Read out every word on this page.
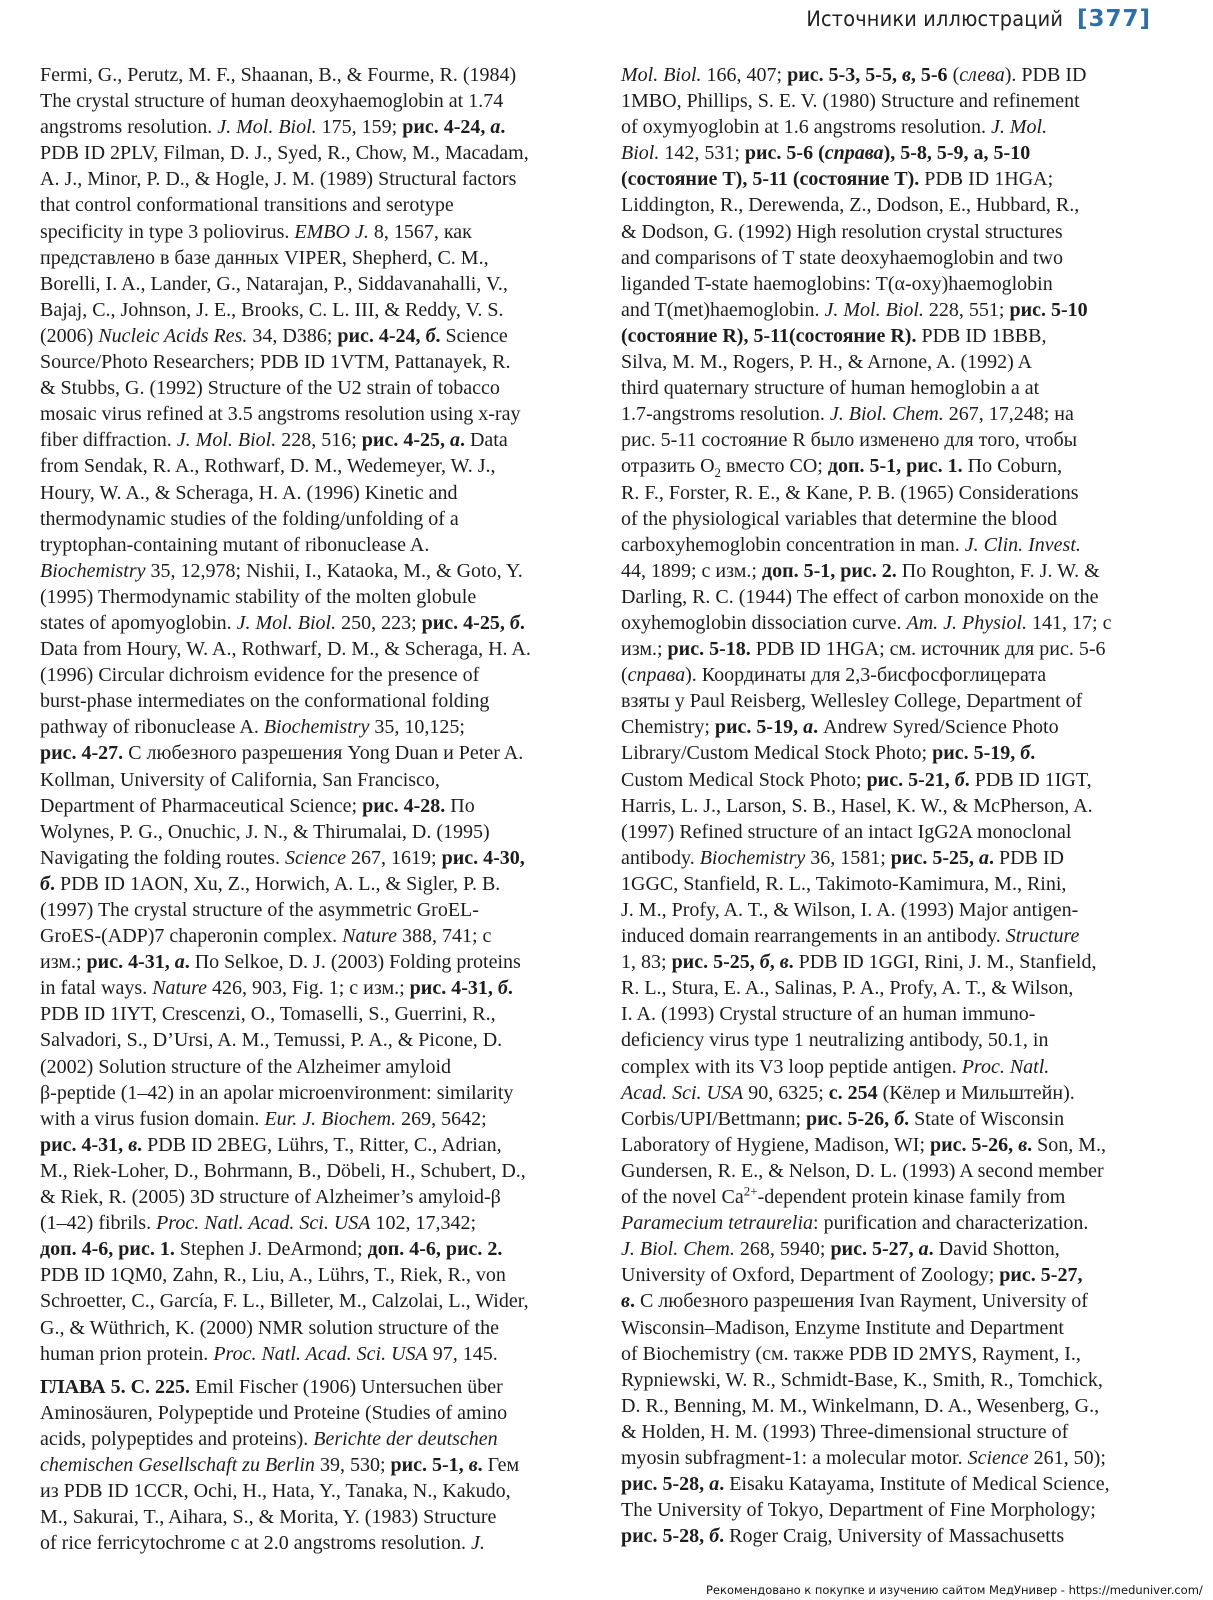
Источники иллюстраций [377]
Fermi, G., Perutz, M. F., Shaanan, B., & Fourme, R. (1984)
The crystal structure of human deoxyhaemoglobin at 1.74
angstroms resolution. J. Mol. Biol. 175, 159; рис. 4-24, а.
PDB ID 2PLV, Filman, D. J., Syed, R., Chow, M., Macadam,
A. J., Minor, P. D., & Hogle, J. M. (1989) Structural factors
that control conformational transitions and serotype
specificity in type 3 poliovirus. EMBO J. 8, 1567, как
представлено в базе данных VIPER, Shepherd, C. M.,
Borelli, I. A., Lander, G., Natarajan, P., Siddavanahalli, V.,
Bajaj, C., Johnson, J. E., Brooks, C. L. III, & Reddy, V. S.
(2006) Nucleic Acids Res. 34, D386; рис. 4-24, б. Science
Source/Photo Researchers; PDB ID 1VTM, Pattanayek, R.
& Stubbs, G. (1992) Structure of the U2 strain of tobacco
mosaic virus refined at 3.5 angstroms resolution using x-ray
fiber diffraction. J. Mol. Biol. 228, 516; рис. 4-25, а. Data
from Sendak, R. A., Rothwarf, D. M., Wedemeyer, W. J.,
Houry, W. A., & Scheraga, H. A. (1996) Kinetic and
thermodynamic studies of the folding/unfolding of a
tryptophan-containing mutant of ribonuclease A.
Biochemistry 35, 12,978; Nishii, I., Kataoka, M., & Goto, Y.
(1995) Thermodynamic stability of the molten globule
states of apomyoglobin. J. Mol. Biol. 250, 223; рис. 4-25, б.
Data from Houry, W. A., Rothwarf, D. M., & Scheraga, H. A.
(1996) Circular dichroism evidence for the presence of
burst-phase intermediates on the conformational folding
pathway of ribonuclease A. Biochemistry 35, 10,125;
рис. 4-27. С любезного разрешения Yong Duan и Peter A.
Kollman, University of California, San Francisco,
Department of Pharmaceutical Science; рис. 4-28. По
Wolynes, P. G., Onuchic, J. N., & Thirumalai, D. (1995)
Navigating the folding routes. Science 267, 1619; рис. 4-30,
б. PDB ID 1AON, Xu, Z., Horwich, A. L., & Sigler, P. B.
(1997) The crystal structure of the asymmetric GroEL-
GroES-(ADP)7 chaperonin complex. Nature 388, 741; с
изм.; рис. 4-31, а. По Selkoe, D. J. (2003) Folding proteins
in fatal ways. Nature 426, 903, Fig. 1; с изм.; рис. 4-31, б.
PDB ID 1IYT, Crescenzi, O., Tomaselli, S., Guerrini, R.,
Salvadori, S., D’Ursi, A. M., Temussi, P. A., & Picone, D.
(2002) Solution structure of the Alzheimer amyloid
β-peptide (1–42) in an apolar microenvironment: similarity
with a virus fusion domain. Eur. J. Biochem. 269, 5642;
рис. 4-31, в. PDB ID 2BEG, Lührs, T., Ritter, C., Adrian,
M., Riek-Loher, D., Bohrmann, B., Döbeli, H., Schubert, D.,
& Riek, R. (2005) 3D structure of Alzheimer’s amyloid-β
(1–42) fibrils. Proc. Natl. Acad. Sci. USA 102, 17,342;
доп. 4-6, рис. 1. Stephen J. DeArmond; доп. 4-6, рис. 2.
PDB ID 1QM0, Zahn, R., Liu, A., Lührs, T., Riek, R., von
Schroetter, C., García, F. L., Billeter, M., Calzolai, L., Wider,
G., & Wüthrich, K. (2000) NMR solution structure of the
human prion protein. Proc. Natl. Acad. Sci. USA 97, 145.
ГЛАВА 5. С. 225. Emil Fischer (1906) Untersuchen über
Aminosäuren, Polypeptide und Proteine (Studies of amino
acids, polypeptides and proteins). Berichte der deutschen
chemischen Gesellschaft zu Berlin 39, 530; рис. 5-1, в. Гем
из PDB ID 1CCR, Ochi, H., Hata, Y., Tanaka, N., Kakudo,
M., Sakurai, T., Aihara, S., & Morita, Y. (1983) Structure
of rice ferricytochrome c at 2.0 angstroms resolution. J.
Mol. Biol. 166, 407; рис. 5-3, 5-5, в, 5-6 (слева). PDB ID
1MBO, Phillips, S. E. V. (1980) Structure and refinement
of oxymyoglobin at 1.6 angstroms resolution. J. Mol.
Biol. 142, 531; рис. 5-6 (справа), 5-8, 5-9, а, 5-10
(состояние T), 5-11 (состояние T). PDB ID 1HGA;
Liddington, R., Derewenda, Z., Dodson, E., Hubbard, R.,
& Dodson, G. (1992) High resolution crystal structures
and comparisons of T state deoxyhaemoglobin and two
liganded T-state haemoglobins: T(α-oxy)haemoglobin
and T(met)haemoglobin. J. Mol. Biol. 228, 551; рис. 5-10
(состояние R), 5-11(состояние R). PDB ID 1BBB,
Silva, M. M., Rogers, P. H., & Arnone, A. (1992) A
third quaternary structure of human hemoglobin a at
1.7-angstroms resolution. J. Biol. Chem. 267, 17,248; на
рис. 5-11 состояние R было изменено для того, чтобы
отразить $O_2$ вместо CO; доп. 5-1, рис. 1. По Coburn,
R. F., Forster, R. E., & Kane, P. B. (1965) Considerations
of the physiological variables that determine the blood
carboxyhemoglobin concentration in man. J. Clin. Invest.
44, 1899; с изм.; доп. 5-1, рис. 2. По Roughton, F. J. W. &
Darling, R. C. (1944) The effect of carbon monoxide on the
oxyhemoglobin dissociation curve. Am. J. Physiol. 141, 17; с
изм.; рис. 5-18. PDB ID 1HGA; см. источник для рис. 5-6
(справа). Координаты для 2,3-бисфосфоглицерата
взяты у Paul Reisberg, Wellesley College, Department of
Chemistry; рис. 5-19, а. Andrew Syred/Science Photo
Library/Custom Medical Stock Photo; рис. 5-19, б.
Custom Medical Stock Photo; рис. 5-21, б. PDB ID 1IGT,
Harris, L. J., Larson, S. B., Hasel, K. W., & McPherson, A.
(1997) Refined structure of an intact IgG2A monoclonal
antibody. Biochemistry 36, 1581; рис. 5-25, а. PDB ID
1GGC, Stanfield, R. L., Takimoto-Kamimura, M., Rini,
J. M., Profy, A. T., & Wilson, I. A. (1993) Major antigen-
induced domain rearrangements in an antibody. Structure
1, 83; рис. 5-25, б, в. PDB ID 1GGI, Rini, J. M., Stanfield,
R. L., Stura, E. A., Salinas, P. A., Profy, A. T., & Wilson,
I. A. (1993) Crystal structure of an human immuno-
deficiency virus type 1 neutralizing antibody, 50.1, in
complex with its V3 loop peptide antigen. Proc. Natl.
Acad. Sci. USA 90, 6325; с. 254 (Кёлер и Мильштейн).
Corbis/UPI/Bettmann; рис. 5-26, б. State of Wisconsin
Laboratory of Hygiene, Madison, WI; рис. 5-26, в. Son, M.,
Gundersen, R. E., & Nelson, D. L. (1993) A second member
of the novel $Ca^{2+}$-dependent protein kinase family from
Paramecium tetraurelia: purification and characterization.
J. Biol. Chem. 268, 5940; рис. 5-27, а. David Shotton,
University of Oxford, Department of Zoology; рис. 5-27,
в. С любезного разрешения Ivan Rayment, University of
Wisconsin–Madison, Enzyme Institute and Department
of Biochemistry (см. также PDB ID 2MYS, Rayment, I.,
Rypniewski, W. R., Schmidt-Base, K., Smith, R., Tomchick,
D. R., Benning, M. M., Winkelmann, D. A., Wesenberg, G.,
& Holden, H. M. (1993) Three-dimensional structure of
myosin subfragment-1: a molecular motor. Science 261, 50);
рис. 5-28, а. Eisaku Katayama, Institute of Medical Science,
The University of Tokyo, Department of Fine Morphology;
рис. 5-28, б. Roger Craig, University of Massachusetts
Рекомендовано к покупке и изучению сайтом МедУнивер - https://meduniver.com/
